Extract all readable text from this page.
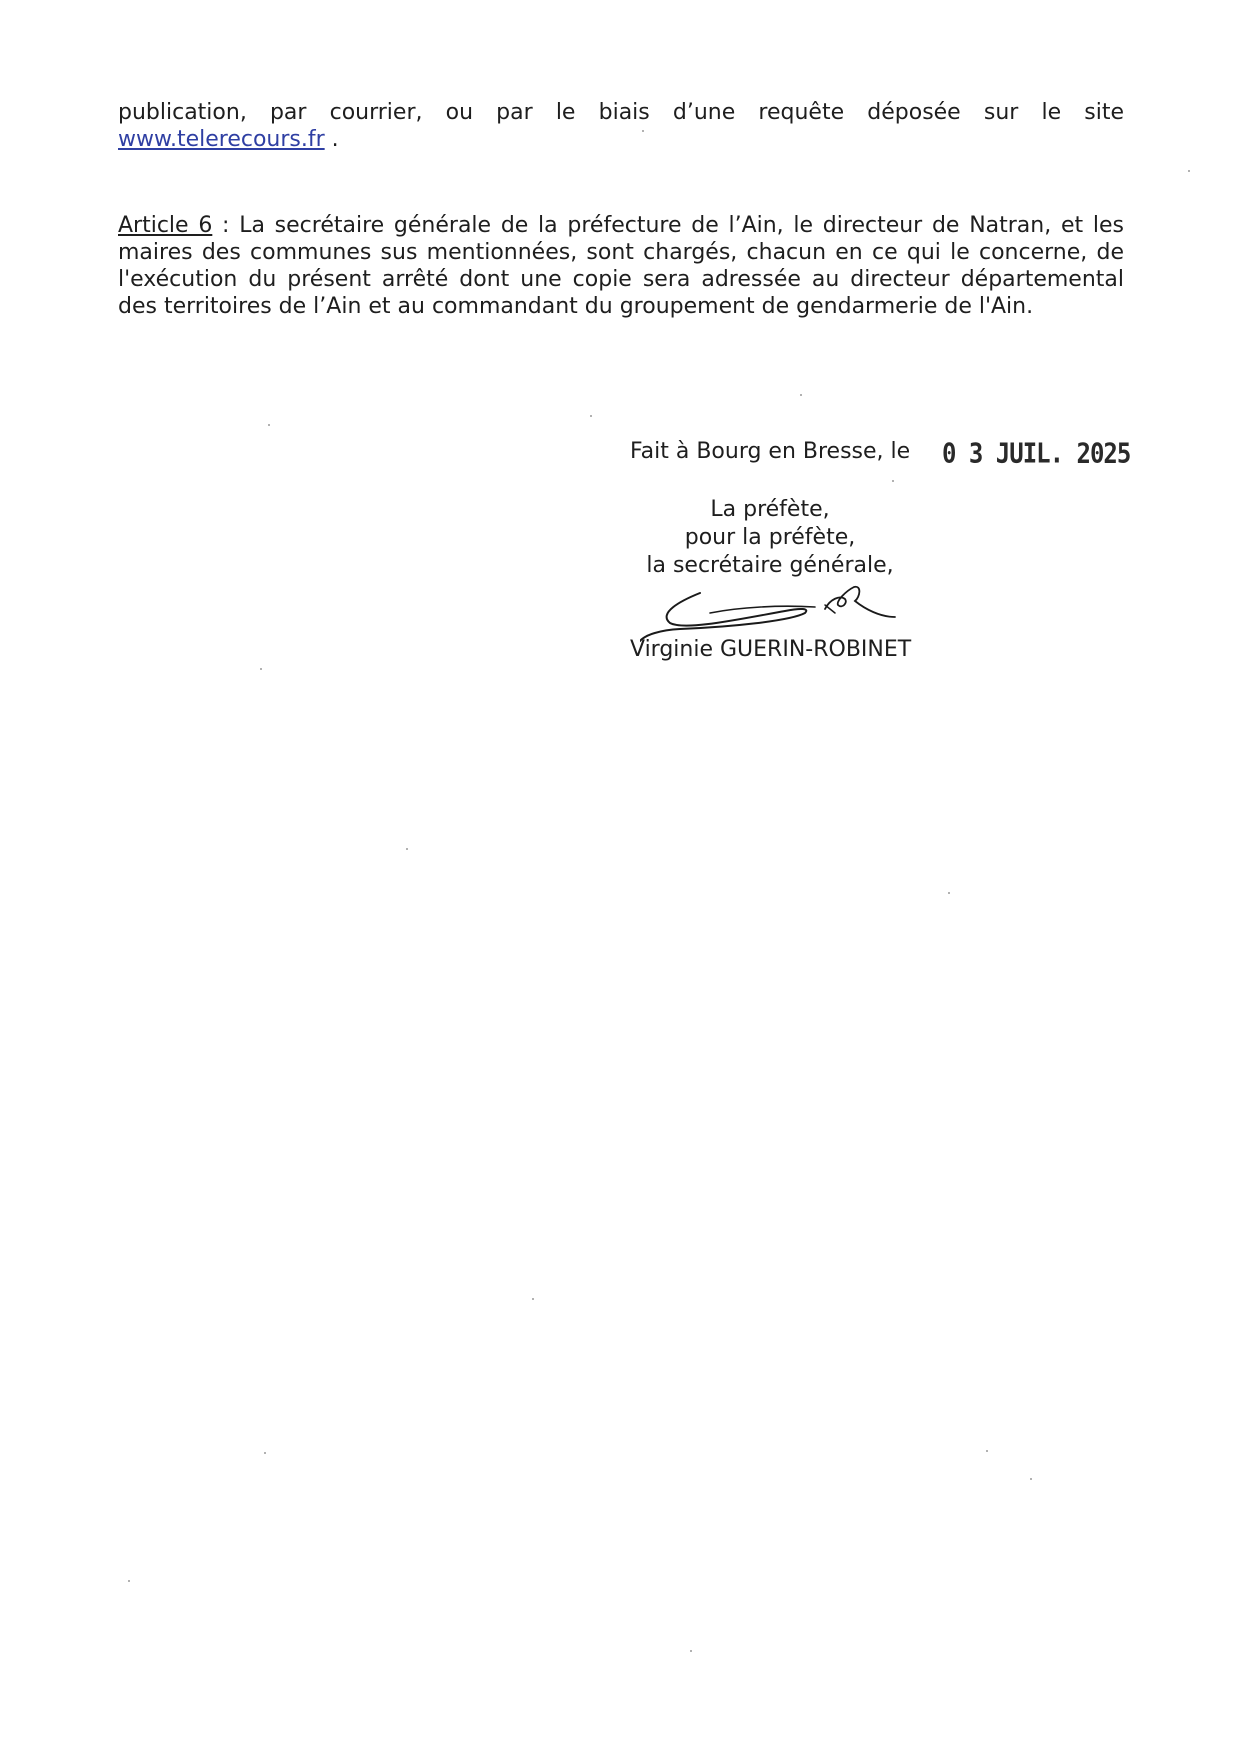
publication, par courrier, ou par le biais d’une requête déposée sur le site www.telerecours.fr .
Article 6 : La secrétaire générale de la préfecture de l’Ain, le directeur de Natran, et les maires des communes sus mentionnées, sont chargés, chacun en ce qui le concerne, de l'exécution du présent arrêté dont une copie sera adressée au directeur départemental des territoires de l’Ain et au commandant du groupement de gendarmerie de l'Ain.
Fait à Bourg en Bresse, le 0 3 JUIL. 2025
La préfète,
pour la préfète,
la secrétaire générale,
Virginie GUERIN-ROBINET
